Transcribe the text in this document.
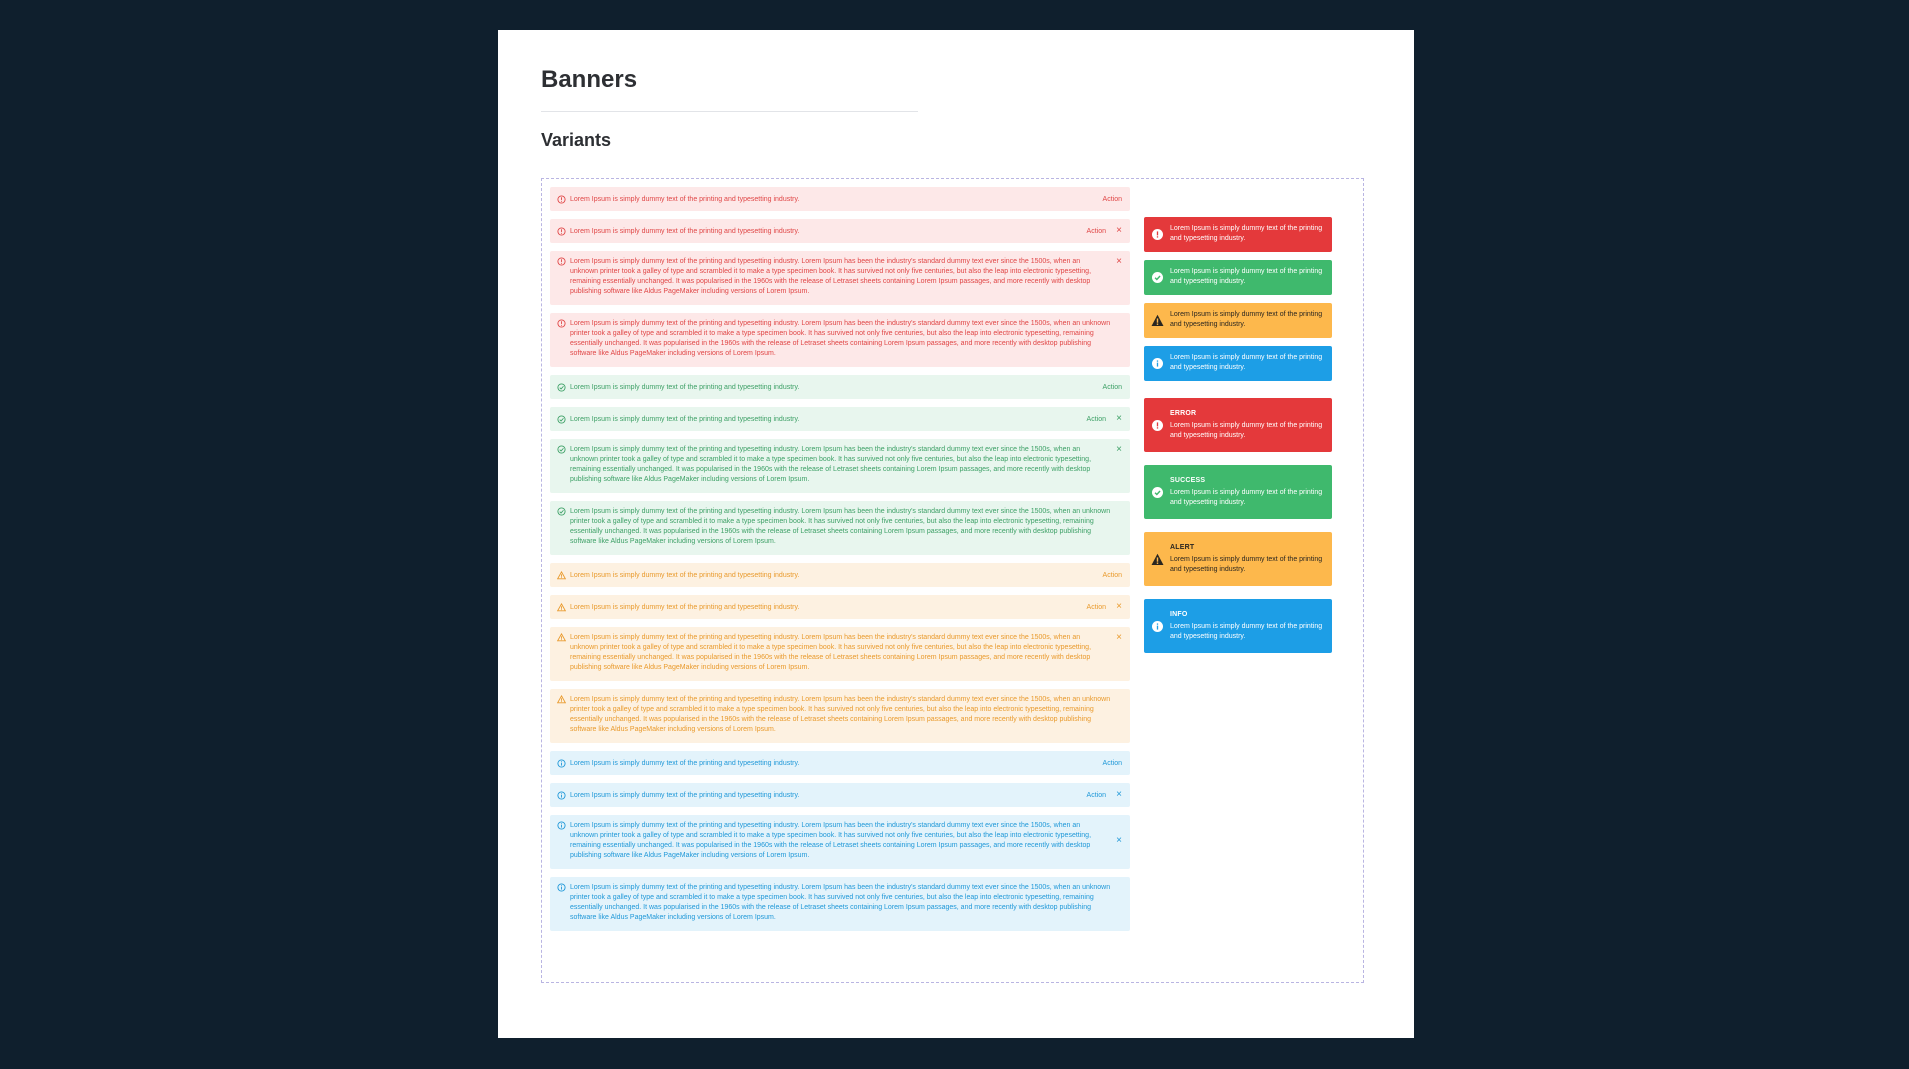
Banners
Variants
Lorem Ipsum is simply dummy text of the printing and typesetting industry.	Action
Lorem Ipsum is simply dummy text of the printing and typesetting industry.	Action ×
Lorem Ipsum is simply dummy text of the printing and typesetting industry. Lorem Ipsum has been the industry's standard dummy text ever since the 1500s, when an unknown printer took a galley of type and scrambled it to make a type specimen book. It has survived not only five centuries, but also the leap into electronic typesetting, remaining essentially unchanged. It was popularised in the 1960s with the release of Letraset sheets containing Lorem Ipsum passages, and more recently with desktop publishing software like Aldus PageMaker including versions of Lorem Ipsum.
×
Lorem Ipsum is simply dummy text of the printing and typesetting industry. Lorem Ipsum has been the industry's standard dummy text ever since the 1500s, when an unknown printer took a galley of type and scrambled it to make a type specimen book. It has survived not only five centuries, but also the leap into electronic typesetting, remaining essentially unchanged. It was popularised in the 1960s with the release of Letraset sheets containing Lorem Ipsum passages, and more recently with desktop publishing software like Aldus PageMaker including versions of Lorem Ipsum.
Lorem Ipsum is simply dummy text of the printing and typesetting industry.	Action
Lorem Ipsum is simply dummy text of the printing and typesetting industry.	Action ×
Lorem Ipsum is simply dummy text of the printing and typesetting industry. Lorem Ipsum has been the industry's standard dummy text ever since the 1500s, when an unknown printer took a galley of type and scrambled it to make a type specimen book. It has survived not only five centuries, but also the leap into electronic typesetting, remaining essentially unchanged. It was popularised in the 1960s with the release of Letraset sheets containing Lorem Ipsum passages, and more recently with desktop publishing software like Aldus PageMaker including versions of Lorem Ipsum.
×
Lorem Ipsum is simply dummy text of the printing and typesetting industry. Lorem Ipsum has been the industry's standard dummy text ever since the 1500s, when an unknown printer took a galley of type and scrambled it to make a type specimen book. It has survived not only five centuries, but also the leap into electronic typesetting, remaining essentially unchanged. It was popularised in the 1960s with the release of Letraset sheets containing Lorem Ipsum passages, and more recently with desktop publishing software like Aldus PageMaker including versions of Lorem Ipsum.
Lorem Ipsum is simply dummy text of the printing and typesetting industry.	Action
Lorem Ipsum is simply dummy text of the printing and typesetting industry.	Action ×
Lorem Ipsum is simply dummy text of the printing and typesetting industry. Lorem Ipsum has been the industry's standard dummy text ever since the 1500s, when an unknown printer took a galley of type and scrambled it to make a type specimen book. It has survived not only five centuries, but also the leap into electronic typesetting, remaining essentially unchanged. It was popularised in the 1960s with the release of Letraset sheets containing Lorem Ipsum passages, and more recently with desktop publishing software like Aldus PageMaker including versions of Lorem Ipsum.
×
Lorem Ipsum is simply dummy text of the printing and typesetting industry. Lorem Ipsum has been the industry's standard dummy text ever since the 1500s, when an unknown printer took a galley of type and scrambled it to make a type specimen book. It has survived not only five centuries, but also the leap into electronic typesetting, remaining essentially unchanged. It was popularised in the 1960s with the release of Letraset sheets containing Lorem Ipsum passages, and more recently with desktop publishing software like Aldus PageMaker including versions of Lorem Ipsum.
Lorem Ipsum is simply dummy text of the printing and typesetting industry.	Action
Lorem Ipsum is simply dummy text of the printing and typesetting industry.	Action ×
Lorem Ipsum is simply dummy text of the printing and typesetting industry. Lorem Ipsum has been the industry's standard dummy text ever since the 1500s, when an unknown printer took a galley of type and scrambled it to make a type specimen book. It has survived not only five centuries, but also the leap into electronic typesetting, remaining essentially unchanged. It was popularised in the 1960s with the release of Letraset sheets containing Lorem Ipsum passages, and more recently with desktop publishing software like Aldus PageMaker including versions of Lorem Ipsum.
×
Lorem Ipsum is simply dummy text of the printing and typesetting industry. Lorem Ipsum has been the industry's standard dummy text ever since the 1500s, when an unknown printer took a galley of type and scrambled it to make a type specimen book. It has survived not only five centuries, but also the leap into electronic typesetting, remaining essentially unchanged. It was popularised in the 1960s with the release of Letraset sheets containing Lorem Ipsum passages, and more recently with desktop publishing software like Aldus PageMaker including versions of Lorem Ipsum.
Lorem Ipsum is simply dummy text of the printing and typesetting industry.
Lorem Ipsum is simply dummy text of the printing and typesetting industry.
Lorem Ipsum is simply dummy text of the printing and typesetting industry.
Lorem Ipsum is simply dummy text of the printing and typesetting industry.
ERROR
Lorem Ipsum is simply dummy text of the printing and typesetting industry.
SUCCESS
Lorem Ipsum is simply dummy text of the printing and typesetting industry.
ALERT
Lorem Ipsum is simply dummy text of the printing and typesetting industry.
INFO
Lorem Ipsum is simply dummy text of the printing and typesetting industry.
